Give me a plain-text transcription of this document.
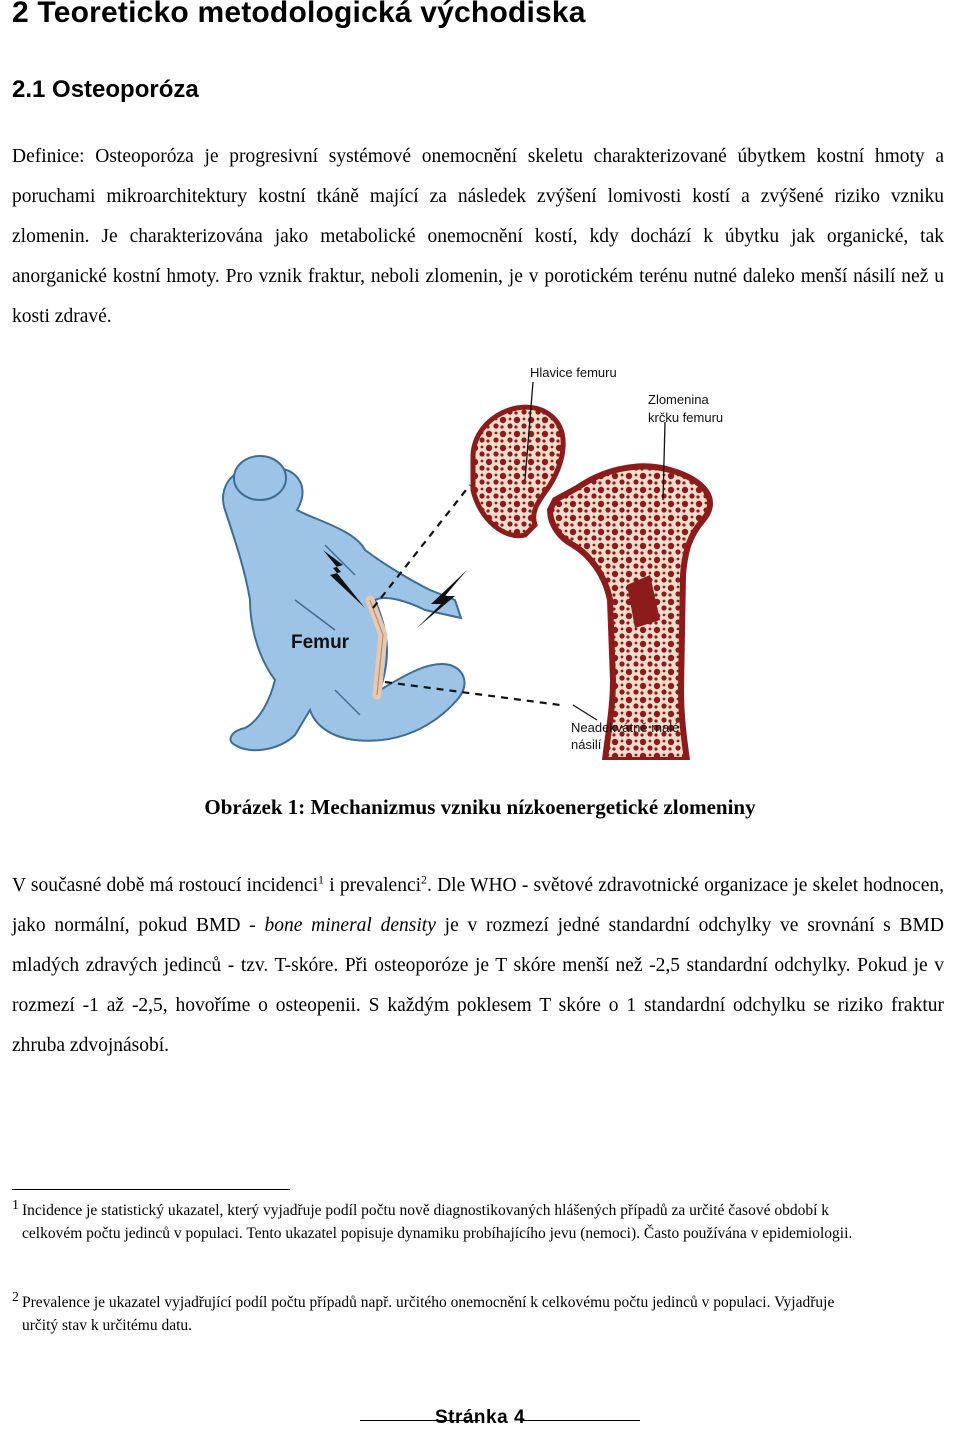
2 Teoreticko metodologická východiska
2.1 Osteoporóza

Definice: Osteoporóza je progresivní systémové onemocnění skeletu charakterizované úbytkem kostní hmoty a poruchami mikroarchitektury kostní tkáně mající za následek zvýšení lomivosti kostí a zvýšené riziko vzniku zlomenin. Je charakterizována jako metabolické onemocnění kostí, kdy dochází k úbytku jak organické, tak anorganické kostní hmoty. Pro vznik fraktur, neboli zlomenin, je v porotickém terénu nutné daleko menší násilí než u kosti zdravé.

Hlavice femuru
Zlomenina
krčku femuru
Femur
Neadekvátně malé
násilí

Obrázek 1: Mechanizmus vzniku nízkoenergetické zlomeniny

V současné době má rostoucí incidenci$^1$ i prevalenci$^2$. Dle WHO - světové zdravotnické organizace je skelet hodnocen, jako normální, pokud BMD - bone mineral density je v rozmezí jedné standardní odchylky ve srovnání s BMD mladých zdravých jedinců - tzv. T-skóre. Při osteoporóze je T skóre menší než -2,5 standardní odchylky. Pokud je v rozmezí -1 až -2,5, hovoříme o osteopenii. S každým poklesem T skóre o 1 standardní odchylku se riziko fraktur zhruba zdvojnásobí.

1 Incidence je statistický ukazatel, který vyjadřuje podíl počtu nově diagnostikovaných hlášených případů za určité časové období k celkovém počtu jedinců v populaci. Tento ukazatel popisuje dynamiku probíhajícího jevu (nemoci). Často používána v epidemiologii.

2 Prevalence je ukazatel vyjadřující podíl počtu případů např. určitého onemocnění k celkovému počtu jedinců v populaci. Vyjadřuje určitý stav k určitému datu.

Stránka 4
